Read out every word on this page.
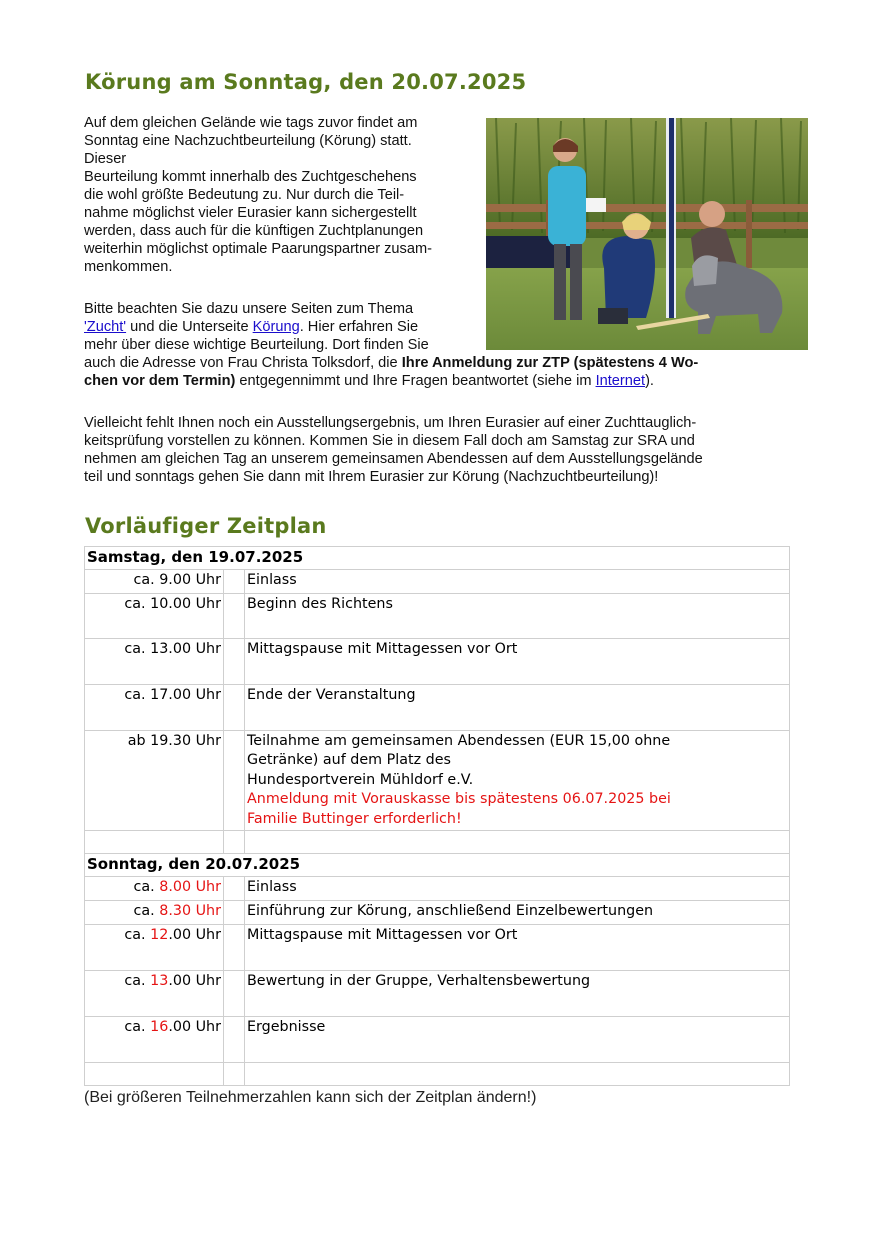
Körung am Sonntag, den 20.07.2025
Auf dem gleichen Gelände wie tags zuvor findet am
Sonntag eine Nachzuchtbeurteilung (Körung) statt.
Dieser
Beurteilung kommt innerhalb des Zuchtgeschehens
die wohl größte Bedeutung zu. Nur durch die Teil-
nahme möglichst vieler Eurasier kann sichergestellt
werden, dass auch für die künftigen Zuchtplanungen
weiterhin möglichst optimale Paarungspartner zusam-
menkommen.
Bitte beachten Sie dazu unsere Seiten zum Thema
'Zucht' und die Unterseite Körung. Hier erfahren Sie
mehr über diese wichtige Beurteilung. Dort finden Sie
auch die Adresse von Frau Christa Tolksdorf, die Ihre Anmeldung zur ZTP (spätestens 4 Wo-
chen vor dem Termin) entgegennimmt und Ihre Fragen beantwortet (siehe im Internet).
Vielleicht fehlt Ihnen noch ein Ausstellungsergebnis, um Ihren Eurasier auf einer Zuchttauglich-
keitsprüfung vorstellen zu können. Kommen Sie in diesem Fall doch am Samstag zur SRA und
nehmen am gleichen Tag an unserem gemeinsamen Abendessen auf dem Ausstellungsgelände
teil und sonntags gehen Sie dann mit Ihrem Eurasier zur Körung (Nachzuchtbeurteilung)!
Vorläufiger Zeitplan
Samstag, den 19.07.2025		
ca. 9.00 Uhr		Einlass
ca. 10.00 Uhr		Beginn des Richtens
ca. 13.00 Uhr		Mittagspause mit Mittagessen vor Ort
ca. 17.00 Uhr		Ende der Veranstaltung
ab 19.30 Uhr		Teilnahme am gemeinsamen Abendessen (EUR 15,00 ohne
Getränke) auf dem Platz des
Hundesportverein Mühldorf e.V.
Anmeldung mit Vorauskasse bis spätestens 06.07.2025 bei
Familie Buttinger erforderlich!

Sonntag, den 20.07.2025		
ca. 8.00 Uhr		Einlass
ca. 8.30 Uhr		Einführung zur Körung, anschließend Einzelbewertungen
ca. 12.00 Uhr		Mittagspause mit Mittagessen vor Ort
ca. 13.00 Uhr		Bewertung in der Gruppe, Verhaltensbewertung
ca. 16.00 Uhr		Ergebnisse

(Bei größeren Teilnehmerzahlen kann sich der Zeitplan ändern!)
